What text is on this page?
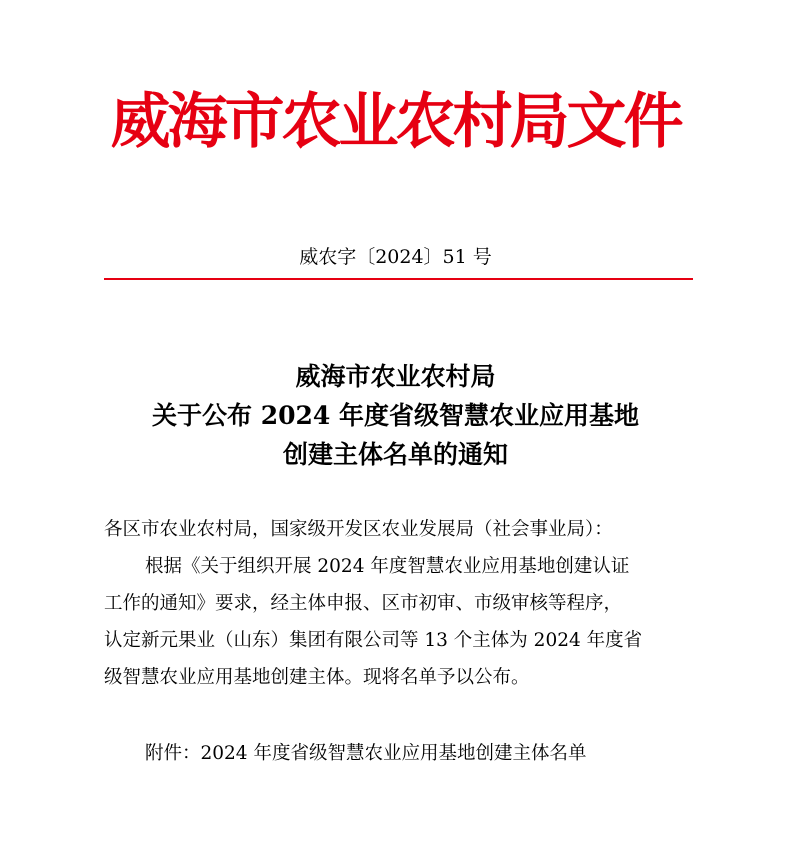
威海市农业农村局文件
威农字〔2024〕51 号
威海市农业农村局
关于公布 2024 年度省级智慧农业应用基地
创建主体名单的通知
各区市农业农村局，国家级开发区农业发展局（社会事业局）：
根据《关于组织开展 2024 年度智慧农业应用基地创建认证
工作的通知》要求，经主体申报、区市初审、市级审核等程序，
认定新元果业（山东）集团有限公司等 13 个主体为 2024 年度省
级智慧农业应用基地创建主体。现将名单予以公布。
附件：2024 年度省级智慧农业应用基地创建主体名单
